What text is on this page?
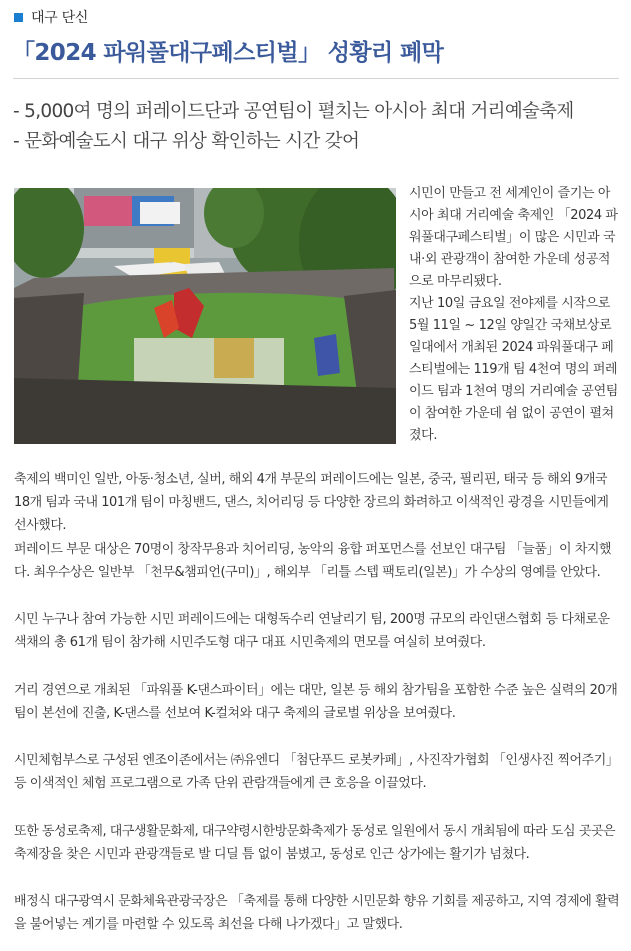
대구 단신
「2024 파워풀대구페스티벌」 성황리 폐막
- 5,000여 명의 퍼레이드단과 공연팀이 펼치는 아시아 최대 거리예술축제
- 문화예술도시 대구 위상 확인하는 시간 갖어

시민이 만들고 전 세계인이 즐기는 아시아 최대 거리예술 축제인 「2024 파워풀대구페스티벌」이 많은 시민과 국내·외 관광객이 참여한 가운데 성공적으로 마무리됐다.

지난 10일 금요일 전야제를 시작으로 5월 11일 ~ 12일 양일간 국채보상로 일대에서 개최된 2024 파워풀대구 페스티벌에는 119개 팀 4천여 명의 퍼레이드 팀과 1천여 명의 거리예술 공연팀이 참여한 가운데 쉼 없이 공연이 펼쳐졌다.

축제의 백미인 일반, 아동·청소년, 실버, 해외 4개 부문의 퍼레이드에는 일본, 중국, 필리핀, 태국 등 해외 9개국 18개 팀과 국내 101개 팀이 마칭밴드, 댄스, 치어리딩 등 다양한 장르의 화려하고 이색적인 광경을 시민들에게 선사했다.

퍼레이드 부문 대상은 70명이 창작무용과 치어리딩, 농악의 융합 퍼포먼스를 선보인 대구팀 「늘품」이 차지했다. 최우수상은 일반부 「천무&챔피언(구미)」, 해외부 「리틀 스텝 팩토리(일본)」가 수상의 영예를 안았다.

시민 누구나 참여 가능한 시민 퍼레이드에는 대형독수리 연날리기 팀, 200명 규모의 라인댄스협회 등 다채로운 색채의 총 61개 팀이 참가해 시민주도형 대구 대표 시민축제의 면모를 여실히 보여줬다.

거리 경연으로 개최된 「파워풀 K-댄스파이터」에는 대만, 일본 등 해외 참가팀을 포함한 수준 높은 실력의 20개 팀이 본선에 진출, K-댄스를 선보여 K-컬쳐와 대구 축제의 글로벌 위상을 보여줬다.

시민체험부스로 구성된 엔조이존에서는 ㈜유엔디 「첨단푸드 로봇카페」, 사진작가협회 「인생사진 찍어주기」 등 이색적인 체험 프로그램으로 가족 단위 관람객들에게 큰 호응을 이끌었다.

또한 동성로축제, 대구생활문화제, 대구약령시한방문화축제가 동성로 일원에서 동시 개최됨에 따라 도심 곳곳은 축제장을 찾은 시민과 관광객들로 발 디딜 틈 없이 붐볐고, 동성로 인근 상가에는 활기가 넘쳤다.

배정식 대구광역시 문화체육관광국장은 「축제를 통해 다양한 시민문화 향유 기회를 제공하고, 지역 경제에 활력을 불어넣는 계기를 마련할 수 있도록 최선을 다해 나가겠다」고 말했다.
